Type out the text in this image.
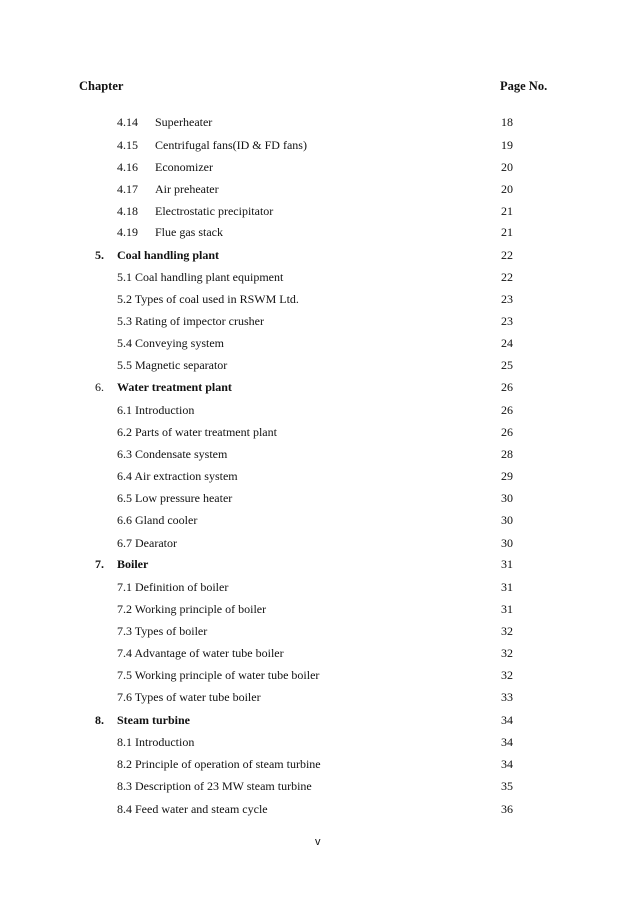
Chapter	Page No.
4.14 Superheater	18
4.15 Centrifugal fans(ID & FD fans)	19
4.16 Economizer	20
4.17 Air preheater	20
4.18 Electrostatic precipitator	21
4.19 Flue gas stack	21
5. Coal handling plant	22
5.1 Coal handling plant equipment	22
5.2 Types of coal used in RSWM Ltd.	23
5.3 Rating of impector crusher	23
5.4 Conveying system	24
5.5 Magnetic separator	25
6. Water treatment plant	26
6.1 Introduction	26
6.2 Parts of water treatment plant	26
6.3 Condensate system	28
6.4 Air extraction system	29
6.5 Low pressure heater	30
6.6 Gland cooler	30
6.7 Dearator	30
7. Boiler	31
7.1 Definition of boiler	31
7.2 Working principle of boiler	31
7.3 Types of boiler	32
7.4 Advantage of water tube boiler	32
7.5 Working principle of water tube boiler	32
7.6 Types of water tube boiler	33
8. Steam turbine	34
8.1 Introduction	34
8.2 Principle of operation of steam turbine	34
8.3 Description of 23 MW steam turbine	35
8.4 Feed water and steam cycle	36
v
